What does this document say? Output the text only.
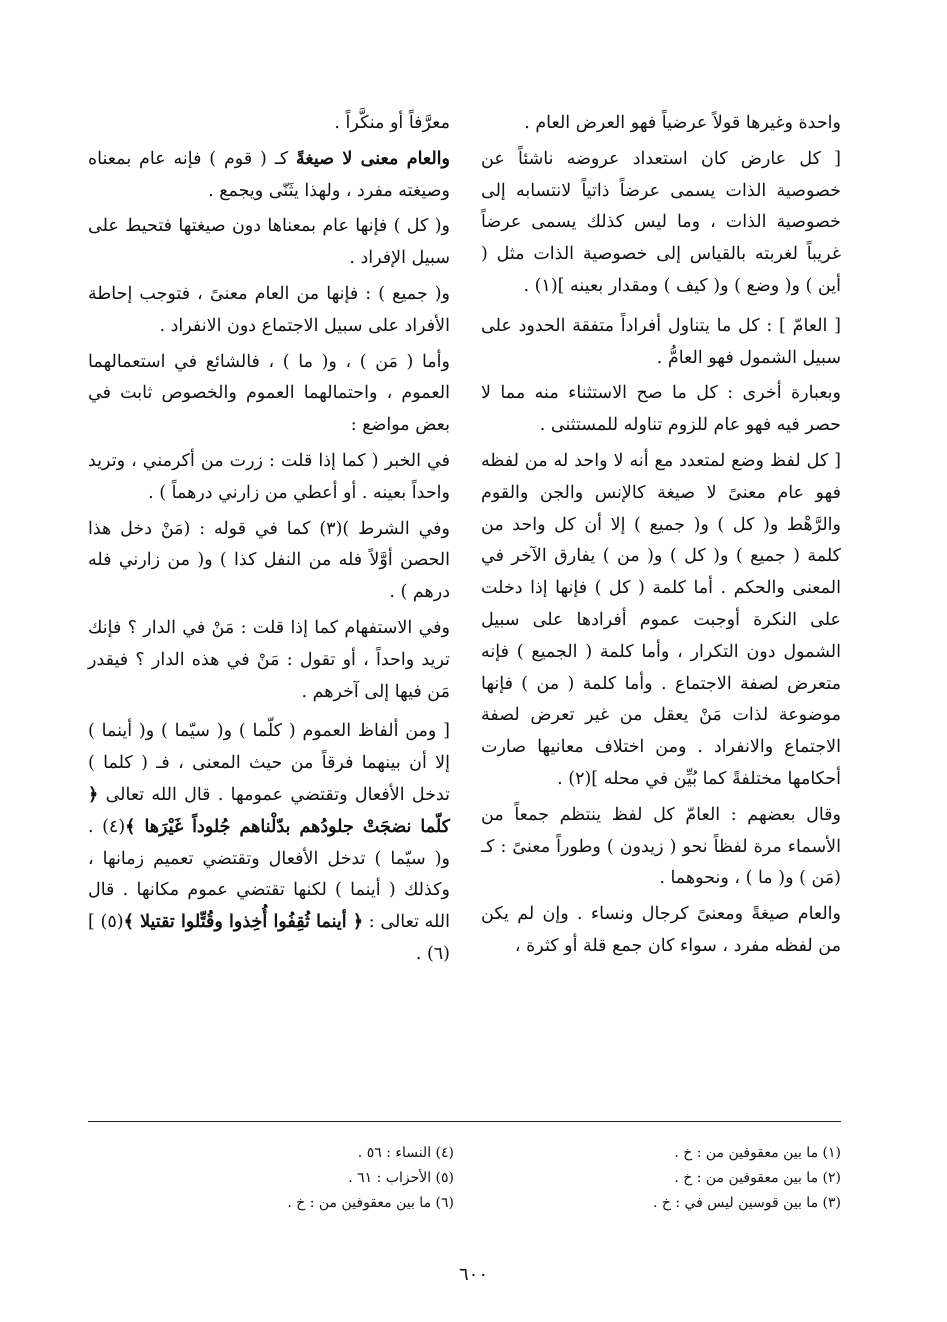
واحدة وغيرها قولاً عرضياً فهو العرض العام .

[ كل عارض كان استعداد عروضه ناشئاً عن خصوصية الذات يسمى عرضاً ذاتياً لانتسابه إلى خصوصية الذات ، وما ليس كذلك يسمى عرضاً غريباً لغربته بالقياس إلى خصوصية الذات مثل ( أين ) و( وضع ) و( كيف ) ومقدار بعينه ](١) .

[ العامّ ] : كل ما يتناول أفراداً متفقة الحدود على سبيل الشمول فهو العامُّ .

وبعبارة أخرى : كل ما صح الاستثناء منه مما لا حصر فيه فهو عام للزوم تناوله للمستثنى .

[ كل لفظ وضع لمتعدد مع أنه لا واحد له من لفظه فهو عام معنىً لا صيغة كالإنس والجن والقوم والرَّهْط و( كل ) و( جميع ) إلا أن كل واحد من كلمة ( جميع ) و( كل ) و( من ) يفارق الآخر في المعنى والحكم . أما كلمة ( كل ) فإنها إذا دخلت على النكرة أوجبت عموم أفرادها على سبيل الشمول دون التكرار ، وأما كلمة ( الجميع ) فإنه متعرض لصفة الاجتماع . وأما كلمة ( من ) فإنها موضوعة لذات مَنْ يعقل من غير تعرض لصفة الاجتماع والانفراد . ومن اختلاف معانيها صارت أحكامها مختلفةً كما بُيِّن في محله ](٢) .

وقال بعضهم : العامّ كل لفظ ينتظم جمعاً من الأسماء مرة لفظاً نحو ( زيدون ) وطوراً معنىً : كـ (مَن ) و( ما ) ، ونحوهما .

والعام صيغةً ومعنىً كرجال ونساء . وإن لم يكن من لفظه مفرد ، سواء كان جمع قلة أو كثرة ،

معرَّفاً أو منكَّراً .

والعام معنى لا صيغةً كـ ( قوم ) فإنه عام بمعناه وصيغته مفرد ، ولهذا يثَنّى ويجمع .

و( كل ) فإنها عام بمعناها دون صيغتها فتحيط على سبيل الإفراد .

و( جميع ) : فإنها من العام معنىً ، فتوجب إحاطة الأفراد على سبيل الاجتماع دون الانفراد .

وأما ( مَن ) ، و( ما ) ، فالشائع في استعمالهما العموم ، واحتمالهما العموم والخصوص ثابت في بعض مواضع :

في الخبر ( كما إذا قلت : زرت من أكرمني ، وتريد واحداً بعينه . أو أعطي من زارني درهماً ) .

وفي الشرط )(٣) كما في قوله : (مَنْ دخل هذا الحصن أوَّلاً فله من النفل كذا ) و( من زارني فله درهم ) .

وفي الاستفهام كما إذا قلت : مَنْ في الدار ؟ فإنك تريد واحداً ، أو تقول : مَنْ في هذه الدار ؟ فيقدر مَن فيها إلى آخرهم .

[ ومن ألفاظ العموم ( كلّما ) و( سيّما ) و( أينما ) إلا أن بينهما فرقاً من حيث المعنى ، فـ ( كلما ) تدخل الأفعال وتقتضي عمومها . قال الله تعالى ﴿ كلّما نضجَتْ جلودُهم بدّلْناهم جُلوداً غَيْرَها ﴾(٤) . و( سيّما ) تدخل الأفعال وتقتضي تعميم زمانها ، وكذلك ( أينما ) لكنها تقتضي عموم مكانها . قال الله تعالى : ﴿ أينما ثُقِفُوا أُخِذوا وقُتِّلوا تقتيلا ﴾(٥) ](٦) .

(١) ما بين معقوفين من : خ .
(٢) ما بين معقوفين من : خ .
(٣) ما بين قوسين ليس في : خ .
(٤) النساء : ٥٦ .
(٥) الأحزاب : ٦١ .
(٦) ما بين معقوفين من : خ .
٦٠٠
